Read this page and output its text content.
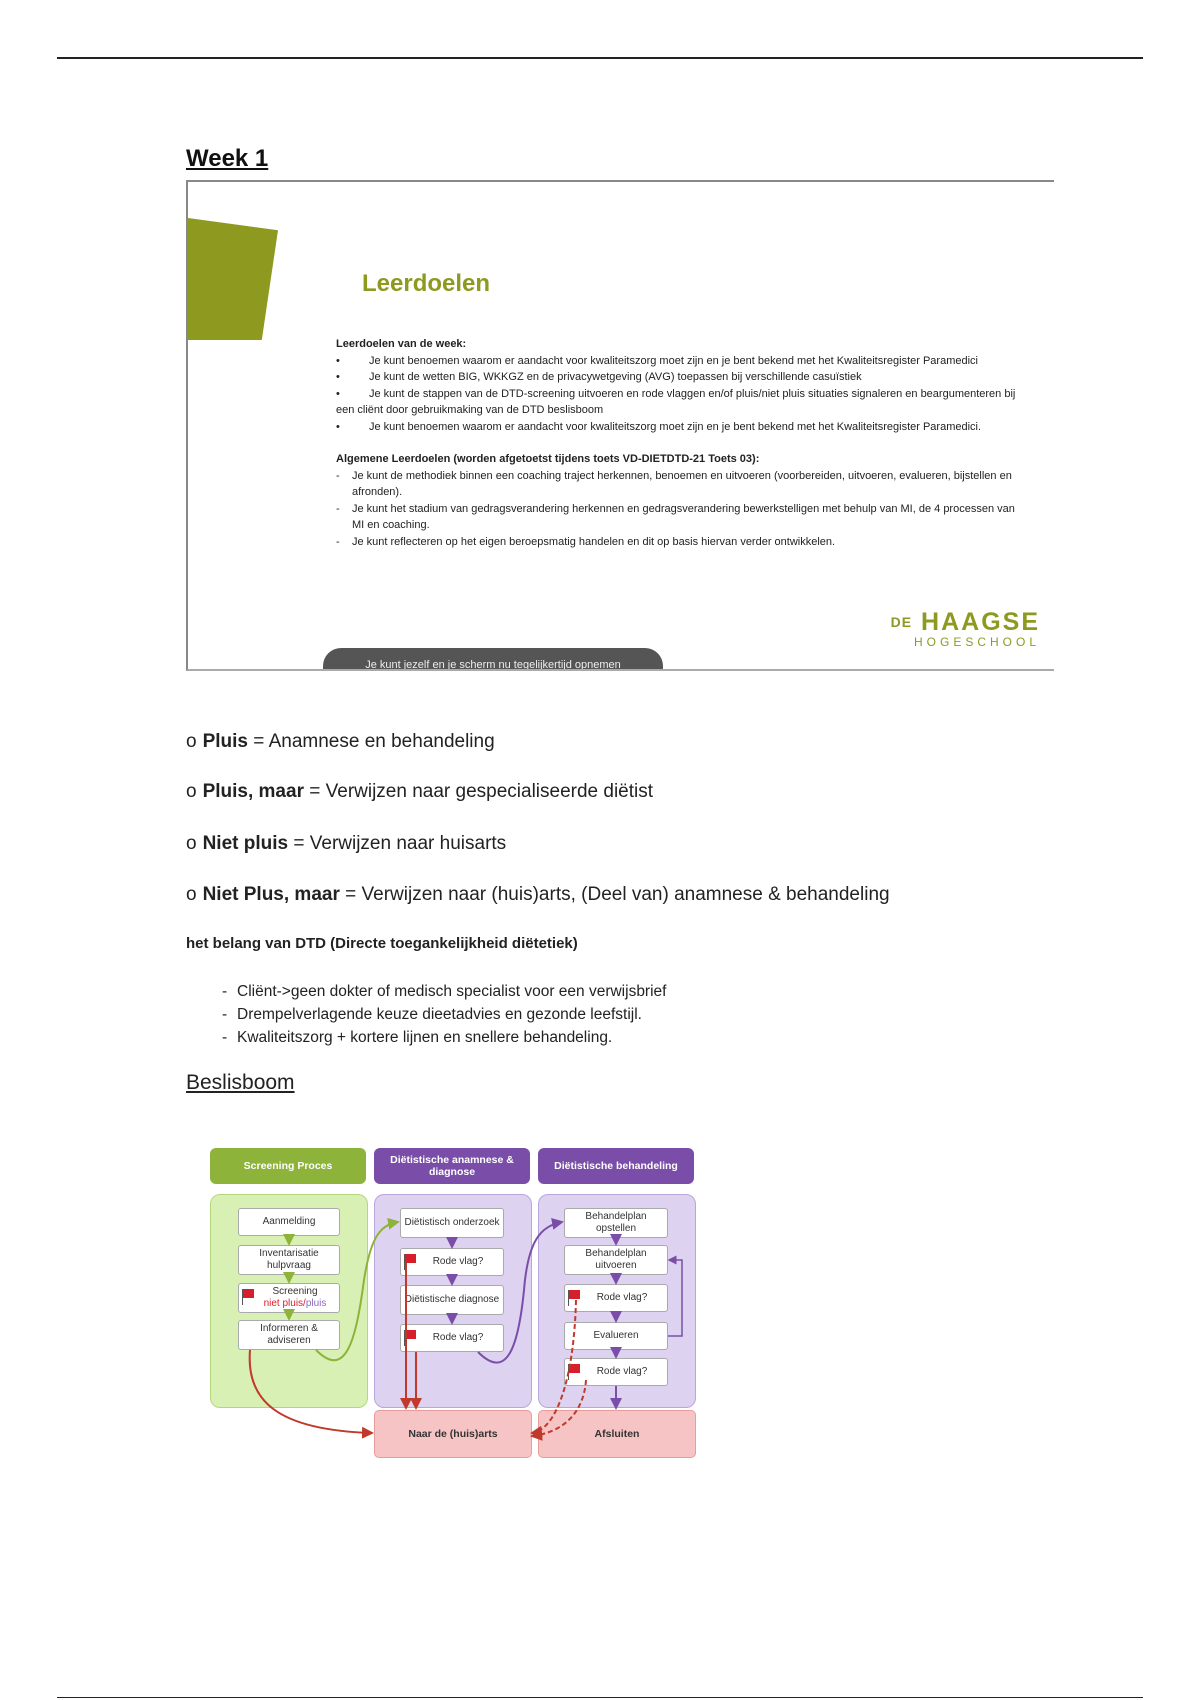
Week 1
Leerdoelen
Leerdoelen van de week:
•	Je kunt benoemen waarom er aandacht voor kwaliteitszorg moet zijn en je bent bekend met het Kwaliteitsregister Paramedici
•	Je kunt de wetten BIG, WKKGZ en de privacywetgeving (AVG) toepassen bij verschillende casuïstiek
•	Je kunt de stappen van de DTD-screening uitvoeren en rode vlaggen en/of pluis/niet pluis situaties signaleren en beargumenteren bij een cliënt door gebruikmaking van de DTD beslisboom
•	Je kunt benoemen waarom er aandacht voor kwaliteitszorg moet zijn en je bent bekend met het Kwaliteitsregister Paramedici.
Algemene Leerdoelen (worden afgetoetst tijdens toets VD-DIETDTD-21 Toets 03):
- Je kunt de methodiek binnen een coaching traject herkennen, benoemen en uitvoeren (voorbereiden, uitvoeren, evalueren, bijstellen en afronden).
- Je kunt het stadium van gedragsverandering herkennen en gedragsverandering bewerkstelligen met behulp van MI, de 4 processen van MI en coaching.
- Je kunt reflecteren op het eigen beroepsmatig handelen en dit op basis hiervan verder ontwikkelen.
$^{DE}$ HAAGSE
HOGESCHOOL
Je kunt jezelf en je scherm nu tegelijkertijd opnemen
o Pluis = Anamnese en behandeling
o Pluis, maar = Verwijzen naar gespecialiseerde diëtist
o Niet pluis = Verwijzen naar huisarts
o Niet Plus, maar = Verwijzen naar (huis)arts, (Deel van) anamnese & behandeling
het belang van DTD (Directe toegankelijkheid diëtetiek)
- Cliënt->geen dokter of medisch specialist voor een verwijsbrief
- Drempelverlagende keuze dieetadvies en gezonde leefstijl.
- Kwaliteitszorg + kortere lijnen en snellere behandeling.
Beslisboom
Screening Proces	Diëtistische anamnese & diagnose	Diëtistische behandeling
Aanmelding
Inventarisatie hulpvraag
Screening
niet pluis/pluis
Informeren & adviseren
Diëtistisch onderzoek
Rode vlag?
Diëtistische diagnose
Rode vlag?
Behandelplan opstellen
Behandelplan uitvoeren
Rode vlag?
Evalueren
Rode vlag?
Naar de (huis)arts	Afsluiten
